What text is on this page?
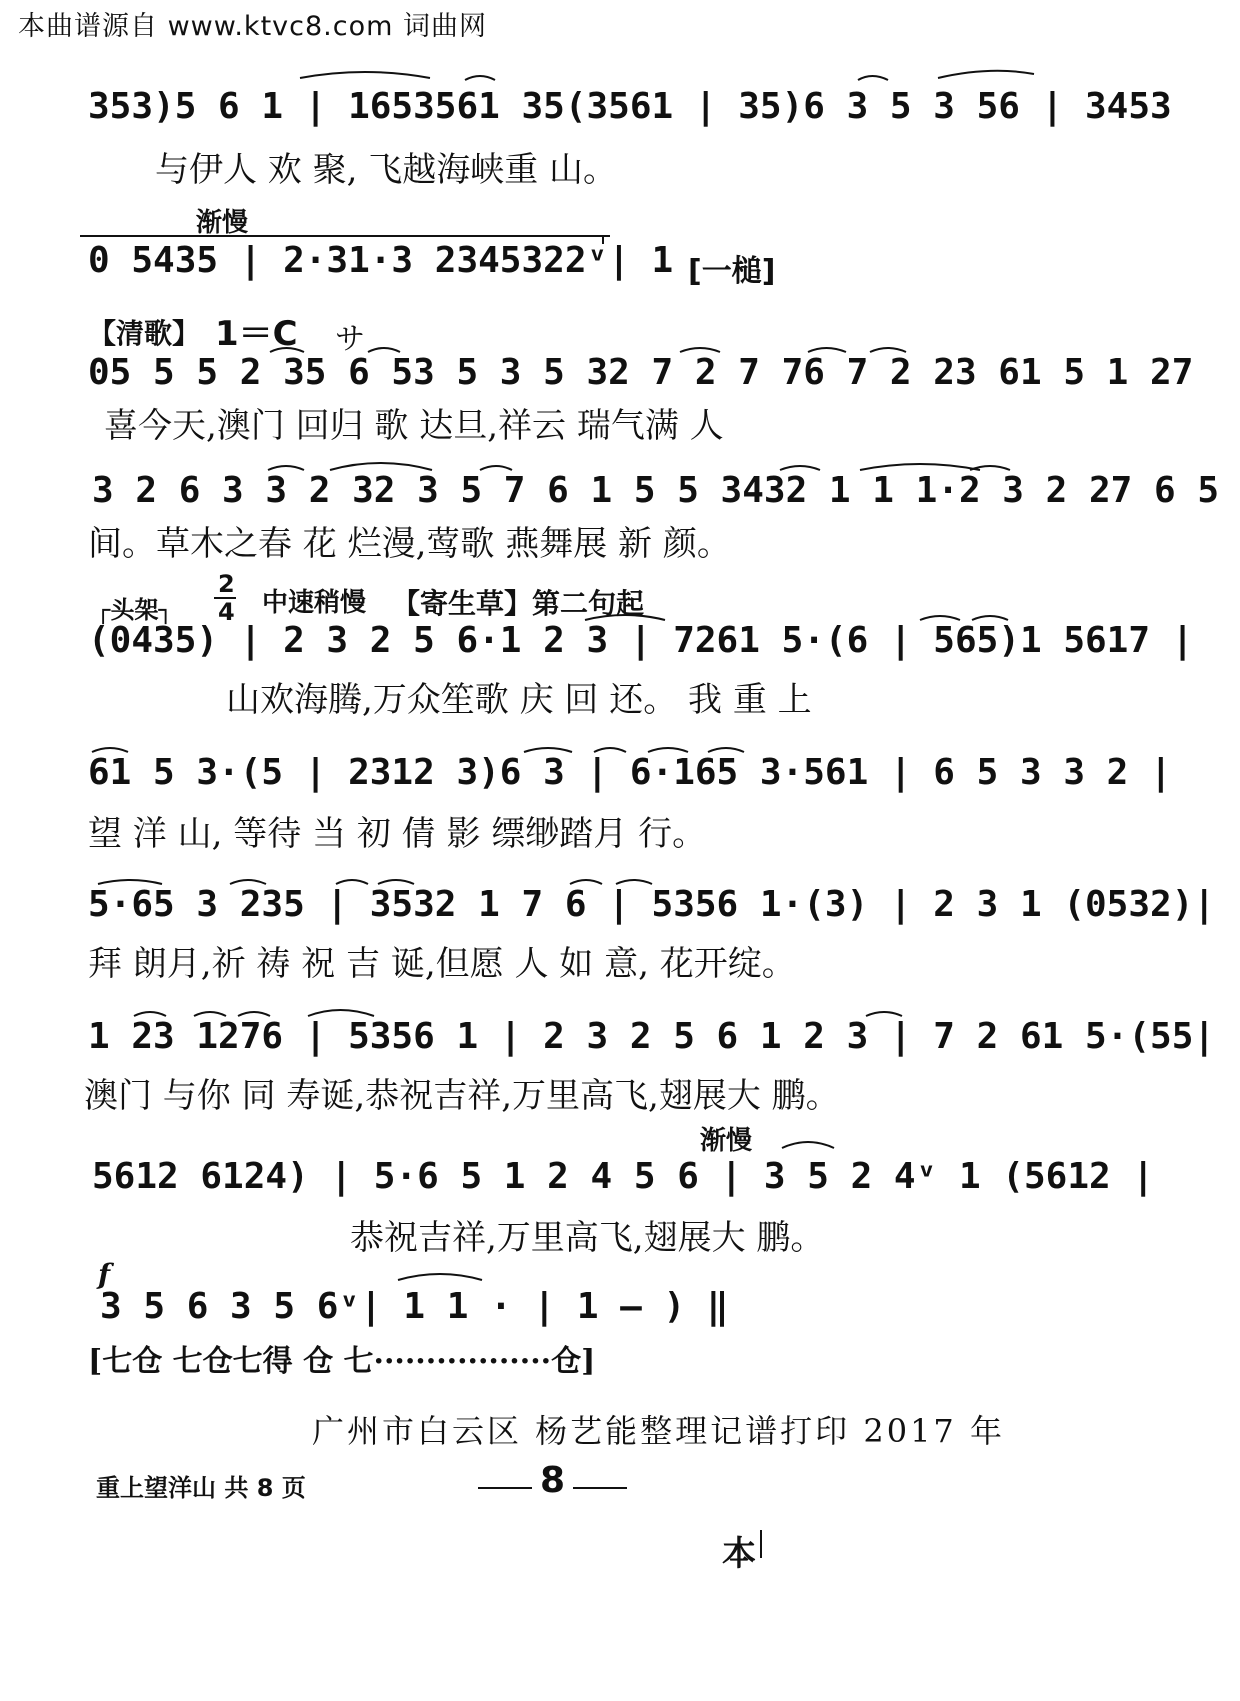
本曲谱源自 www.ktvc8.com 词曲网
353)5 6 1 | 1653561 35(3561 | 35)6 3 5 3 56 | 3453
与伊人 欢 聚, 飞越海峡重 山。
渐慢
0 5435 | 2·31·3 2345322ᵛ| 1 [一槌]
【清歌】 1＝C サ
05 5 5 2 35 6 53 5 3 5 32 7 2 7 76 7 2 23 61 5 1 27
喜今天,澳门 回归 歌 达旦,祥云 瑞气满 人
3 2 6 3 3 2 32 3 5 7 6 1 5 5 3432 1 1 1·2 3 2 27 6 5
间。草木之春 花 烂漫,莺歌 燕舞展 新 颜。
┌头架┐
2
4 中速稍慢 【寄生草】第二句起
(0435) | 2 3 2 5 6·1 2 3 | 7261 5·(6 | 565)1 5617 |
山欢海腾,万众笙歌 庆 回 还。 我 重 上
61 5 3·(5 | 2312 3)6 3 | 6·165 3·561 | 6 5 3 3 2 |
望 洋 山, 等待 当 初 倩 影 缥缈踏月 行。
5·65 3 235 | 3532 1 7 6 | 5356 1·(3) | 2 3 1 (0532)|
拜 朗月,祈 祷 祝 吉 诞,但愿 人 如 意, 花开绽。
1 23 1276 | 5356 1 | 2 3 2 5 6 1 2 3 | 7 2 61 5·(55|
澳门 与你 同 寿诞,恭祝吉祥,万里高飞,翅展大 鹏。
渐慢
5612 6124) | 5·6 5 1 2 4 5 6 | 3 5 2 4ᵛ 1 (5612 |
恭祝吉祥,万里高飞,翅展大 鹏。
f
3 5 6 3 5 6ᵛ| 1 1 · | 1 — ) ‖
[七仓 七仓七得 仓 七·················仓]
广州市白云区 杨艺能整理记谱打印 2017 年
重上望洋山 共 8 页	8
本
